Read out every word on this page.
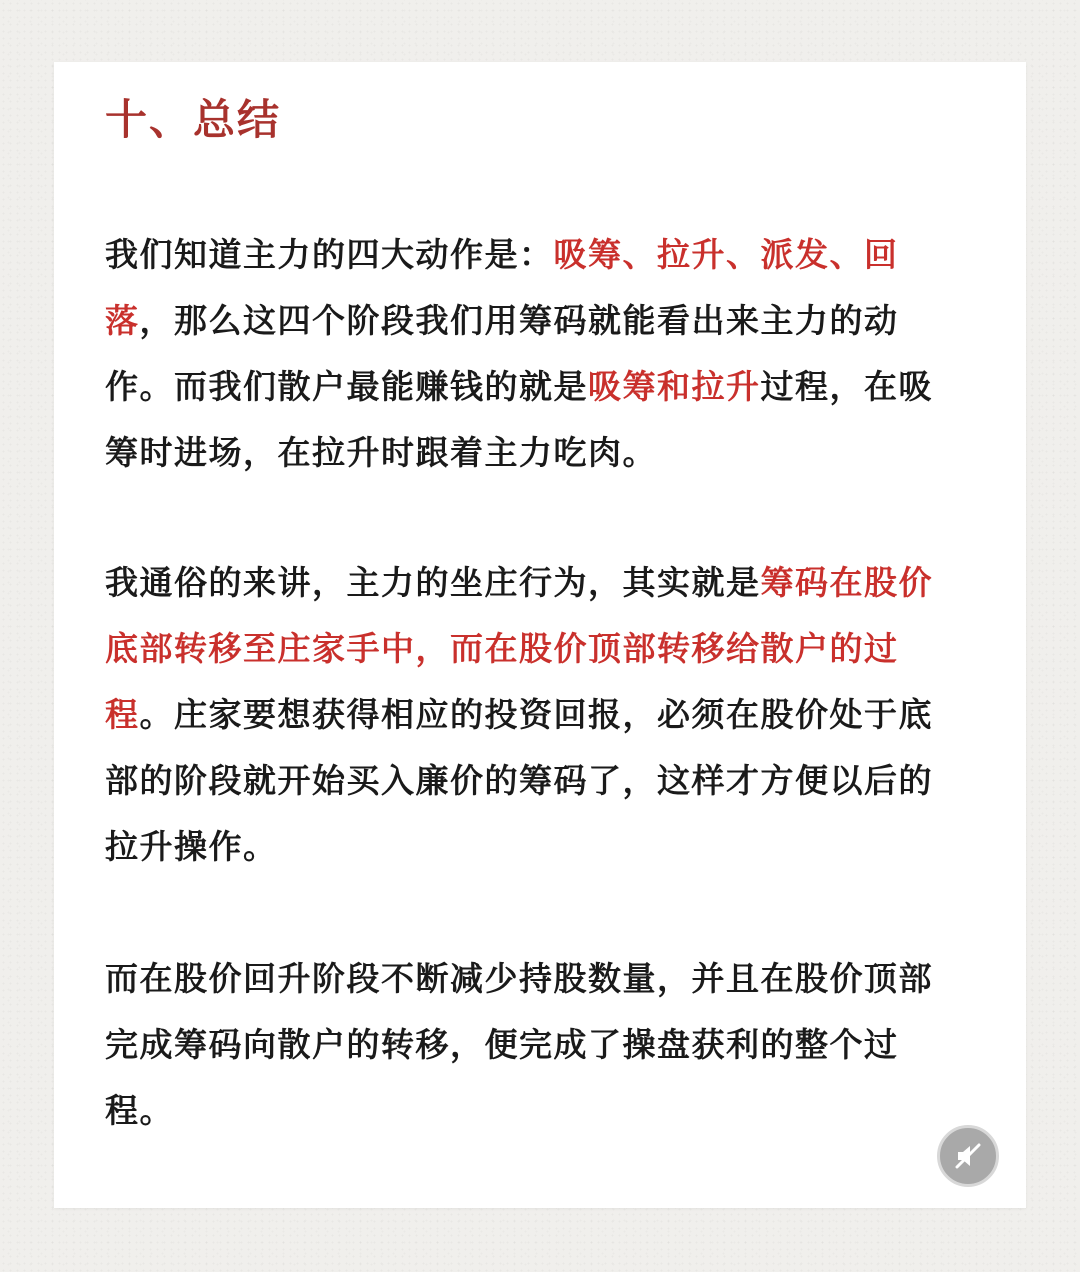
十、总结

我们知道主力的四大动作是：吸筹、拉升、派发、回落，那么这四个阶段我们用筹码就能看出来主力的动作。而我们散户最能赚钱的就是吸筹和拉升过程，在吸筹时进场，在拉升时跟着主力吃肉。

我通俗的来讲，主力的坐庄行为，其实就是筹码在股价底部转移至庄家手中，而在股价顶部转移给散户的过程。庄家要想获得相应的投资回报，必须在股价处于底部的阶段就开始买入廉价的筹码了，这样才方便以后的拉升操作。

而在股价回升阶段不断减少持股数量，并且在股价顶部完成筹码向散户的转移，便完成了操盘获利的整个过程。
